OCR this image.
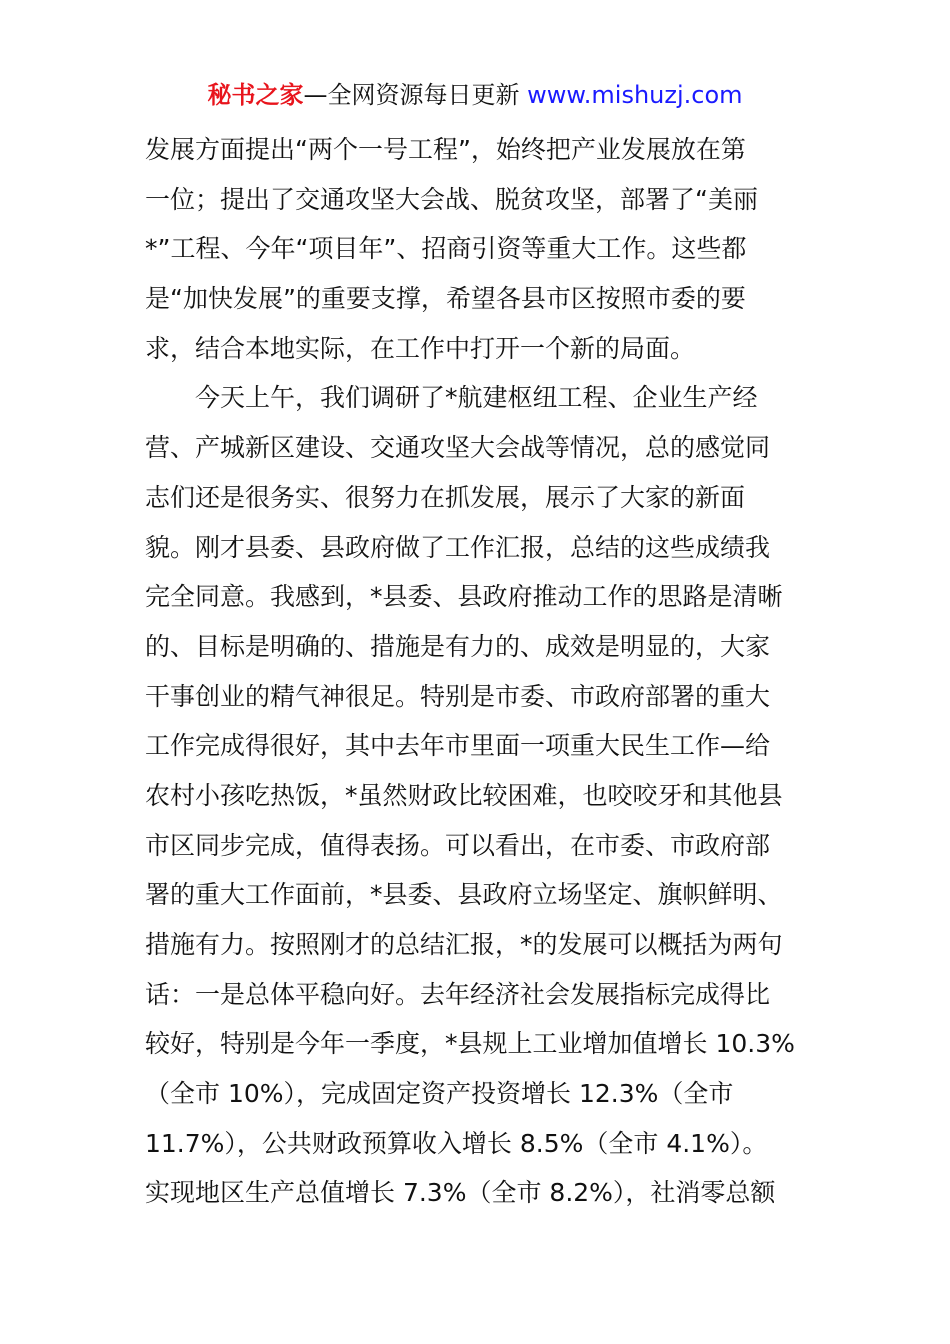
秘书之家—全网资源每日更新 www.mishuzj.com
发展方面提出“两个一号工程”，始终把产业发展放在第
一位；提出了交通攻坚大会战、脱贫攻坚，部署了“美丽
*”工程、今年“项目年”、招商引资等重大工作。这些都
是“加快发展”的重要支撑，希望各县市区按照市委的要
求，结合本地实际，在工作中打开一个新的局面。
　　今天上午，我们调研了*航建枢纽工程、企业生产经
营、产城新区建设、交通攻坚大会战等情况，总的感觉同
志们还是很务实、很努力在抓发展，展示了大家的新面
貌。刚才县委、县政府做了工作汇报，总结的这些成绩我
完全同意。我感到，*县委、县政府推动工作的思路是清晰
的、目标是明确的、措施是有力的、成效是明显的，大家
干事创业的精气神很足。特别是市委、市政府部署的重大
工作完成得很好，其中去年市里面一项重大民生工作—给
农村小孩吃热饭，*虽然财政比较困难，也咬咬牙和其他县
市区同步完成，值得表扬。可以看出，在市委、市政府部
署的重大工作面前，*县委、县政府立场坚定、旗帜鲜明、
措施有力。按照刚才的总结汇报，*的发展可以概括为两句
话：一是总体平稳向好。去年经济社会发展指标完成得比
较好，特别是今年一季度，*县规上工业增加值增长 10.3%
（全市 10%），完成固定资产投资增长 12.3%（全市
11.7%），公共财政预算收入增长 8.5%（全市 4.1%）。
实现地区生产总值增长 7.3%（全市 8.2%），社消零总额
